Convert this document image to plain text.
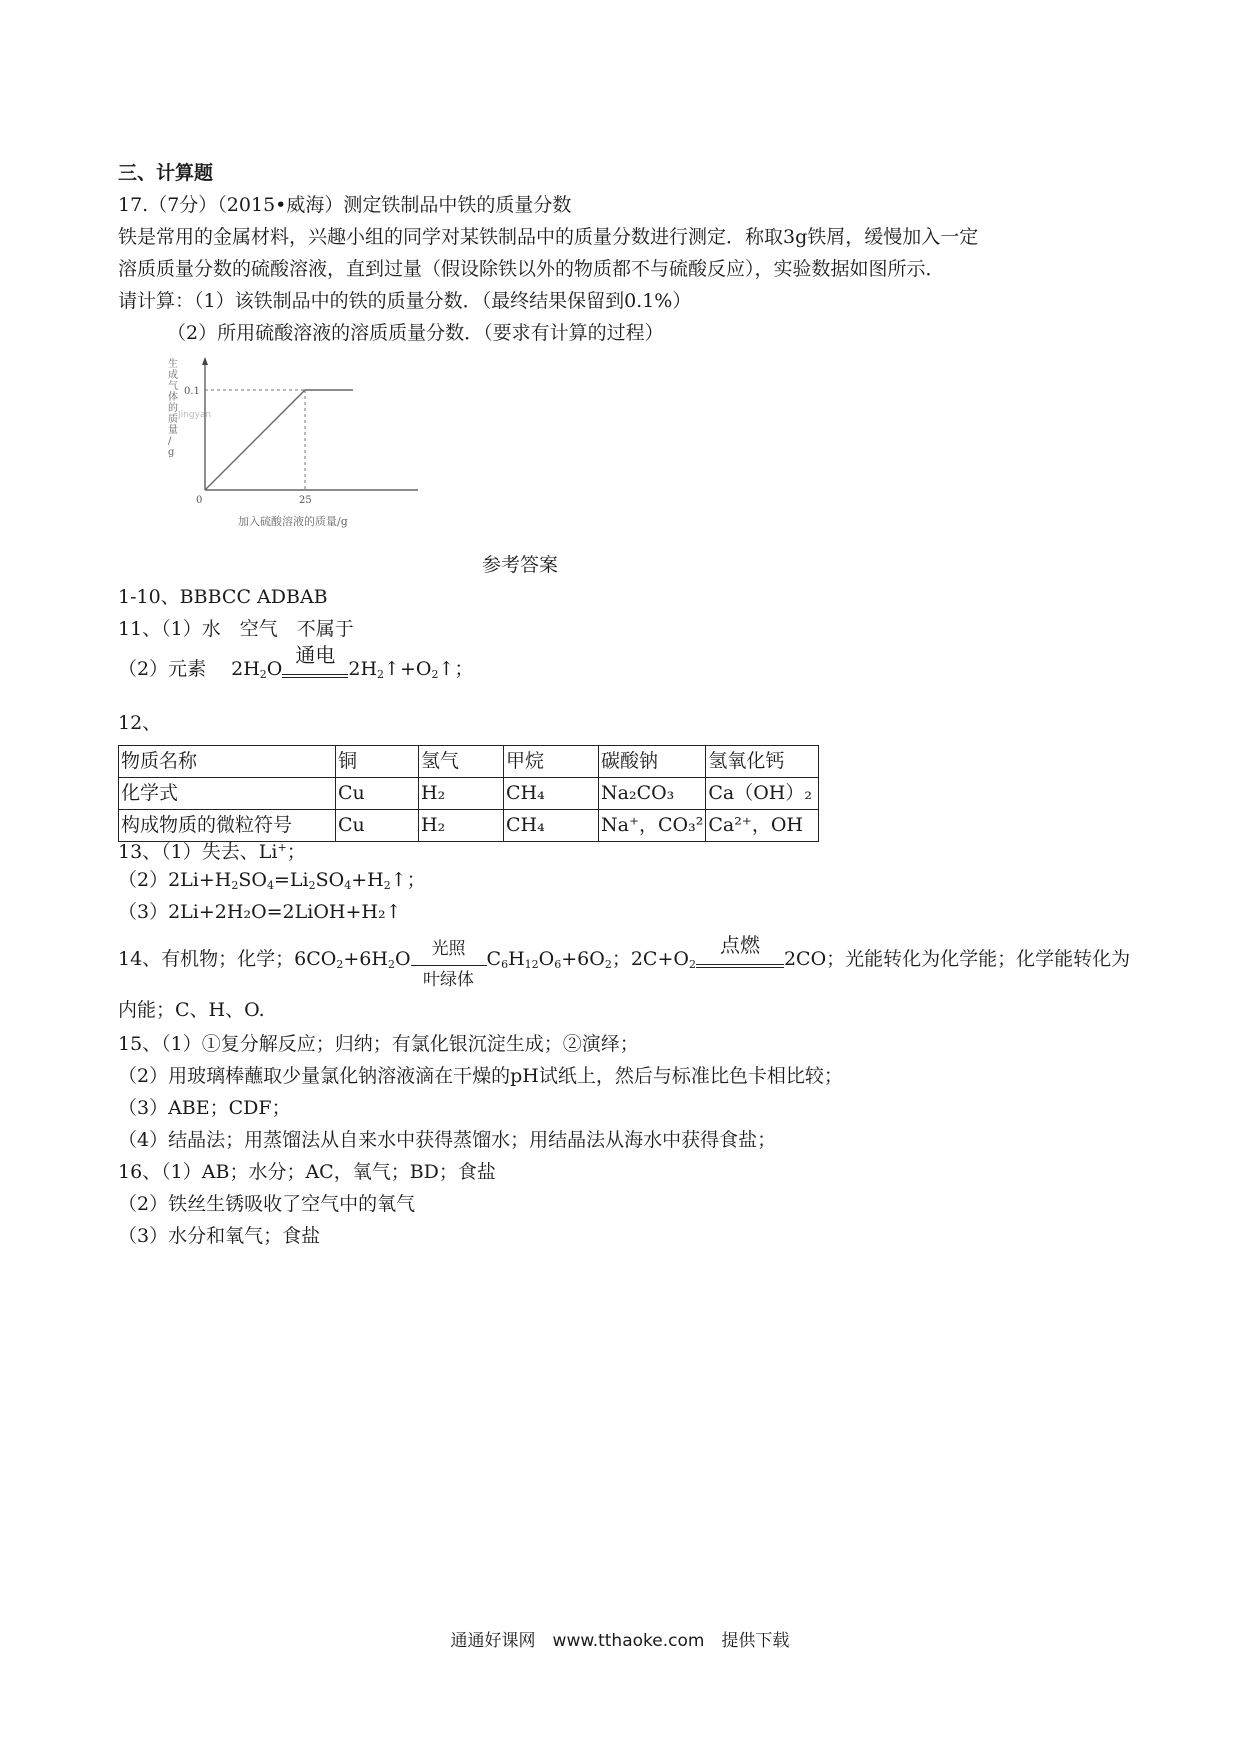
三、计算题
17.（7分）（2015•威海）测定铁制品中铁的质量分数
铁是常用的金属材料，兴趣小组的同学对某铁制品中的质量分数进行测定．称取3g铁屑，缓慢加入一定
溶质质量分数的硫酸溶液，直到过量（假设除铁以外的物质都不与硫酸反应），实验数据如图所示．
请计算：（1）该铁制品中的铁的质量分数．（最终结果保留到0.1%）
（2）所用硫酸溶液的溶质质量分数．（要求有计算的过程）
生成气体的质量/ g
0	25
0.1
Jingyan
加入硫酸溶液的质量/g
参考答案
1-10、BBBCC ADBAB
11、（1）水　空气　不属于
（2）元素　 $2H_2O$
通电
$2H_2↑+O_2↑$；
12、
物质名称	铜	氢气	甲烷	碳酸钠	氢氧化钙
化学式	Cu	H₂	CH₄	Na₂CO₃	Ca（OH）₂
构成物质的微粒符号	Cu	H₂	CH₄	Na⁺，CO₃²	Ca²⁺，OH
13、（1）失去、Li+；
$(2)2Li+H_2SO_4=Li_2SO_4+H_2↑$；
（3）2Li+2H₂O=2LiOH+H₂↑
14、有机物；化学；$6CO_2+6H_2O \frac{\text{光照}}{\text{叶绿体}} C_6H_{12}O_6+6O_2$；$2C+O_2$
点燃
2CO；光能转化为化学能；化学能转化为
内能；C、H、O.
15、（1）①复分解反应；归纳；有氯化银沉淀生成；②演绎；
（2）用玻璃棒蘸取少量氯化钠溶液滴在干燥的pH试纸上，然后与标准比色卡相比较；
（3）ABE；CDF；
（4）结晶法；用蒸馏法从自来水中获得蒸馏水；用结晶法从海水中获得食盐；
16、（1）AB；水分；AC，氧气；BD；食盐
（2）铁丝生锈吸收了空气中的氧气
（3）水分和氧气；食盐
通通好课网　www.tthaoke.com　提供下载
